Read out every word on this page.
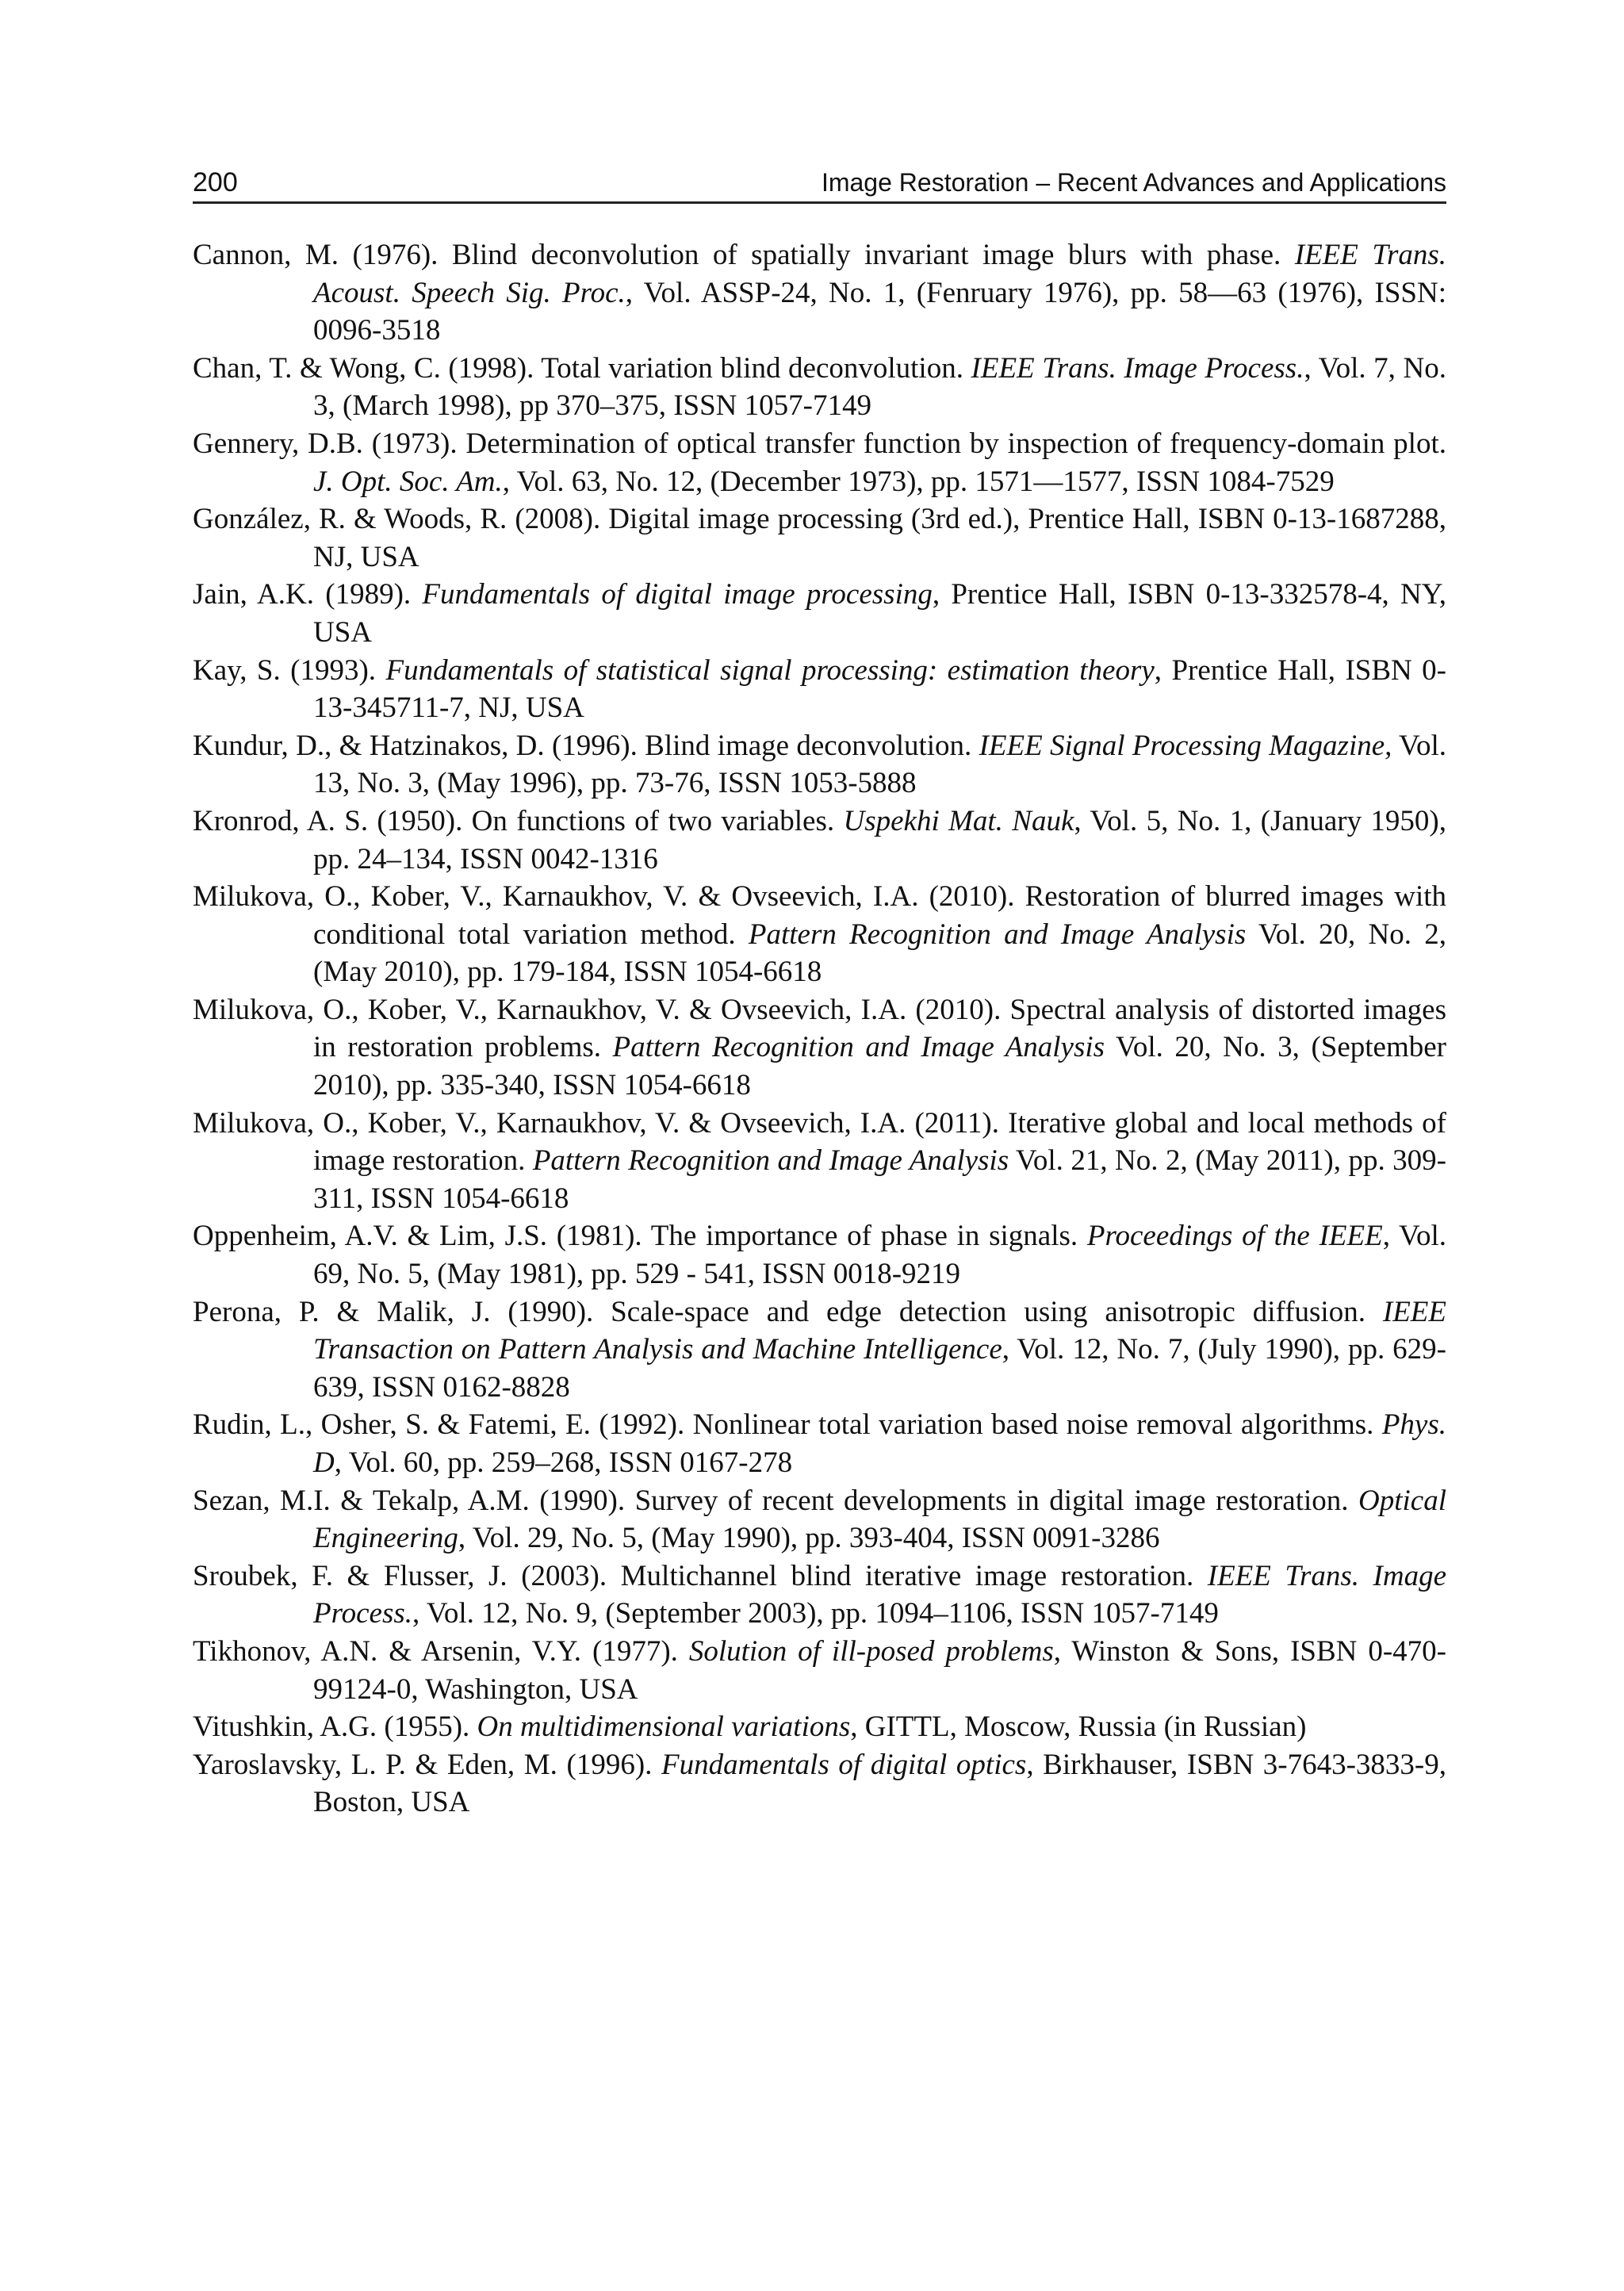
200	Image Restoration – Recent Advances and Applications
Cannon, M. (1976). Blind deconvolution of spatially invariant image blurs with phase. IEEE Trans. Acoust. Speech Sig. Proc., Vol. ASSP-24, No. 1, (Fenruary 1976), pp. 58—63 (1976), ISSN: 0096-3518
Chan, T. & Wong, C. (1998). Total variation blind deconvolution. IEEE Trans. Image Process., Vol. 7, No. 3, (March 1998), pp 370–375, ISSN 1057-7149
Gennery, D.B. (1973). Determination of optical transfer function by inspection of frequency-domain plot. J. Opt. Soc. Am., Vol. 63, No. 12, (December 1973), pp. 1571—1577, ISSN 1084-7529
González, R. & Woods, R. (2008). Digital image processing (3rd ed.), Prentice Hall, ISBN 0-13-1687288, NJ, USA
Jain, A.K. (1989). Fundamentals of digital image processing, Prentice Hall, ISBN 0-13-332578-4, NY, USA
Kay, S. (1993). Fundamentals of statistical signal processing: estimation theory, Prentice Hall, ISBN 0-13-345711-7, NJ, USA
Kundur, D., & Hatzinakos, D. (1996). Blind image deconvolution. IEEE Signal Processing Magazine, Vol. 13, No. 3, (May 1996), pp. 73-76, ISSN 1053-5888
Kronrod, A. S. (1950). On functions of two variables. Uspekhi Mat. Nauk, Vol. 5, No. 1, (January 1950), pp. 24–134, ISSN 0042-1316
Milukova, O., Kober, V., Karnaukhov, V. & Ovseevich, I.A. (2010). Restoration of blurred images with conditional total variation method. Pattern Recognition and Image Analysis Vol. 20, No. 2, (May 2010), pp. 179-184, ISSN 1054-6618
Milukova, O., Kober, V., Karnaukhov, V. & Ovseevich, I.A. (2010). Spectral analysis of distorted images in restoration problems. Pattern Recognition and Image Analysis Vol. 20, No. 3, (September 2010), pp. 335-340, ISSN 1054-6618
Milukova, O., Kober, V., Karnaukhov, V. & Ovseevich, I.A. (2011). Iterative global and local methods of image restoration. Pattern Recognition and Image Analysis Vol. 21, No. 2, (May 2011), pp. 309-311, ISSN 1054-6618
Oppenheim, A.V. & Lim, J.S. (1981). The importance of phase in signals. Proceedings of the IEEE, Vol. 69, No. 5, (May 1981), pp. 529 - 541, ISSN 0018-9219
Perona, P. & Malik, J. (1990). Scale-space and edge detection using anisotropic diffusion. IEEE Transaction on Pattern Analysis and Machine Intelligence, Vol. 12, No. 7, (July 1990), pp. 629-639, ISSN 0162-8828
Rudin, L., Osher, S. & Fatemi, E. (1992). Nonlinear total variation based noise removal algorithms. Phys. D, Vol. 60, pp. 259–268, ISSN 0167-278
Sezan, M.I. & Tekalp, A.M. (1990). Survey of recent developments in digital image restoration. Optical Engineering, Vol. 29, No. 5, (May 1990), pp. 393-404, ISSN 0091-3286
Sroubek, F. & Flusser, J. (2003). Multichannel blind iterative image restoration. IEEE Trans. Image Process., Vol. 12, No. 9, (September 2003), pp. 1094–1106, ISSN 1057-7149
Tikhonov, A.N. & Arsenin, V.Y. (1977). Solution of ill-posed problems, Winston & Sons, ISBN 0-470-99124-0, Washington, USA
Vitushkin, A.G. (1955). On multidimensional variations, GITTL, Moscow, Russia (in Russian)
Yaroslavsky, L. P. & Eden, M. (1996). Fundamentals of digital optics, Birkhauser, ISBN 3-7643-3833-9, Boston, USA
